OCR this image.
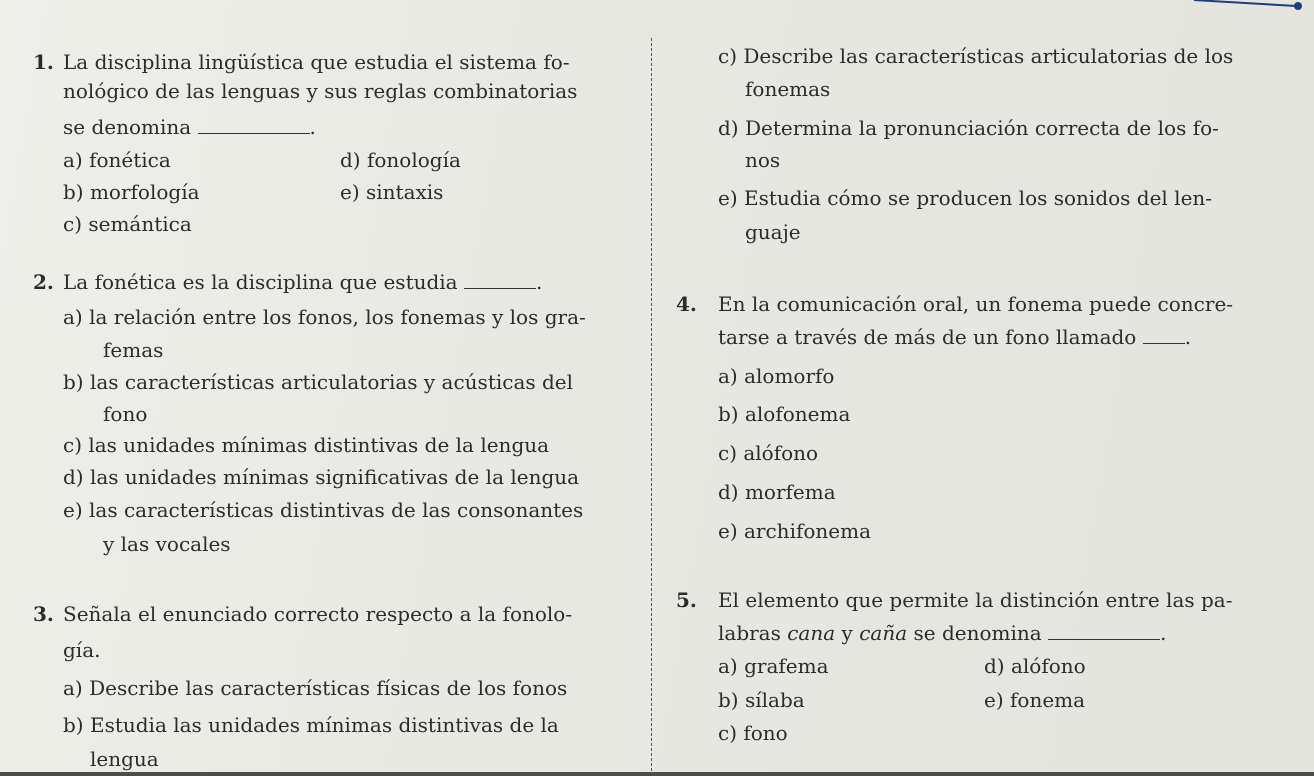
1. La disciplina lingüística que estudia el sistema fo-
nológico de las lenguas y sus reglas combinatorias
se denomina	.
a) fonética
b) morfología
c) semántica
d) fonología
e) sintaxis
2. La fonética es la disciplina que estudia	.
a) la relación entre los fonos, los fonemas y los gra-
femas
b) las características articulatorias y acústicas del
fono
c) las unidades mínimas distintivas de la lengua
d) las unidades mínimas significativas de la lengua
e) las características distintivas de las consonantes
y las vocales
3. Señala el enunciado correcto respecto a la fonolo-
gía.
a) Describe las características físicas de los fonos
b) Estudia las unidades mínimas distintivas de la
lengua
c) Describe las características articulatorias de los
fonemas
d) Determina la pronunciación correcta de los fo-
nos
e) Estudia cómo se producen los sonidos del len-
guaje
4. En la comunicación oral, un fonema puede concre-
tarse a través de más de un fono llamado .
a) alomorfo
b) alofonema
c) alófono
d) morfema
e) archifonema
5. El elemento que permite la distinción entre las pa-
labras cana y caña se denomina	.
a) grafema
b) sílaba
c) fono
d) alófono
e) fonema
